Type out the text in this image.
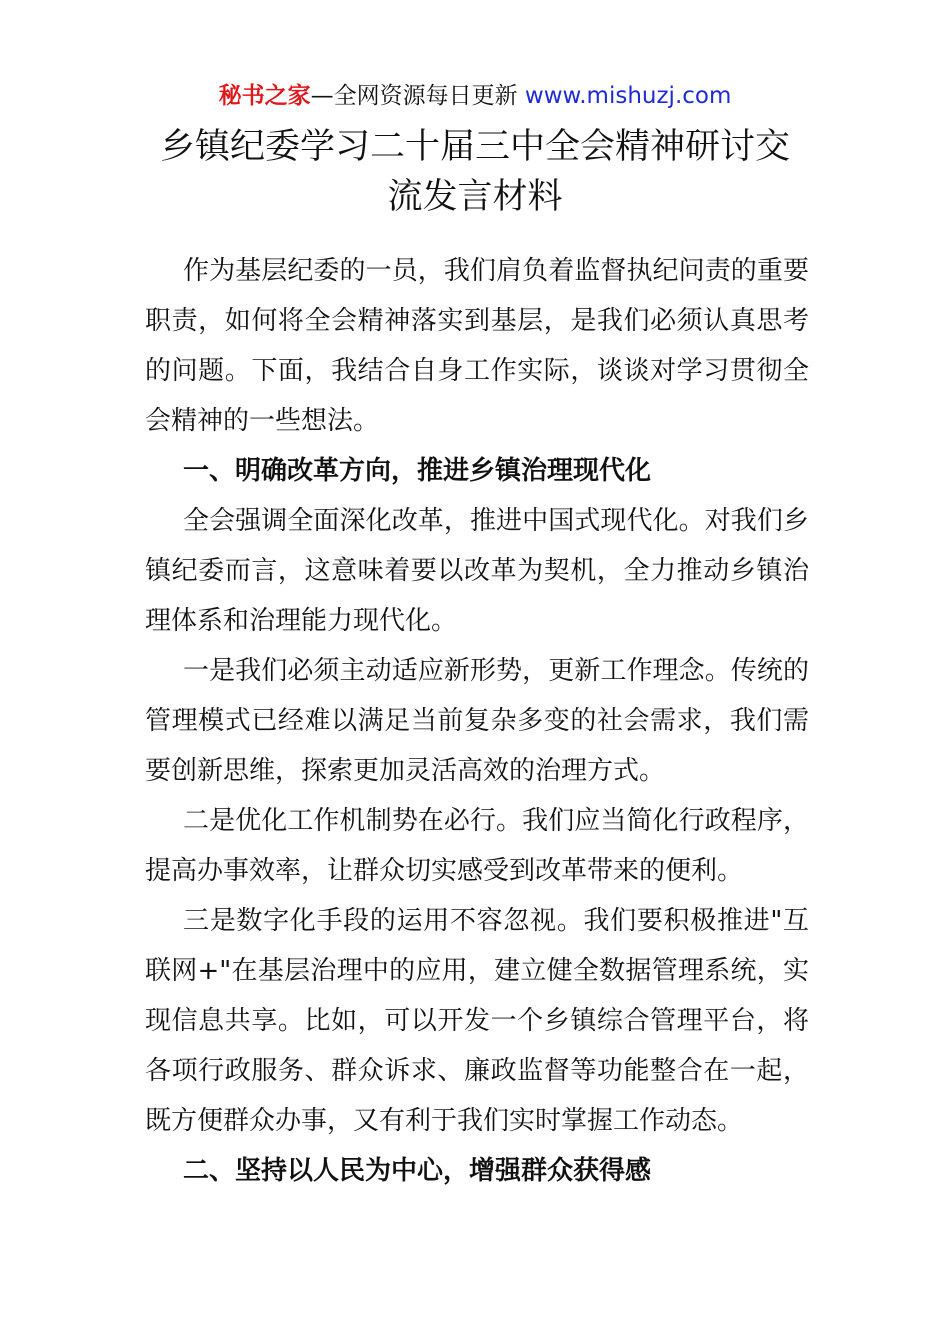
秘书之家—全网资源每日更新 www.mishuzj.com
乡镇纪委学习二十届三中全会精神研讨交
流发言材料

作为基层纪委的一员，我们肩负着监督执纪问责的重要职责，如何将全会精神落实到基层，是我们必须认真思考的问题。下面，我结合自身工作实际，谈谈对学习贯彻全会精神的一些想法。

一、明确改革方向，推进乡镇治理现代化

全会强调全面深化改革，推进中国式现代化。对我们乡镇纪委而言，这意味着要以改革为契机，全力推动乡镇治理体系和治理能力现代化。

一是我们必须主动适应新形势，更新工作理念。传统的管理模式已经难以满足当前复杂多变的社会需求，我们需要创新思维，探索更加灵活高效的治理方式。

二是优化工作机制势在必行。我们应当简化行政程序，提高办事效率，让群众切实感受到改革带来的便利。

三是数字化手段的运用不容忽视。我们要积极推进"互联网+"在基层治理中的应用，建立健全数据管理系统，实现信息共享。比如，可以开发一个乡镇综合管理平台，将各项行政服务、群众诉求、廉政监督等功能整合在一起，既方便群众办事，又有利于我们实时掌握工作动态。

二、坚持以人民为中心，增强群众获得感
